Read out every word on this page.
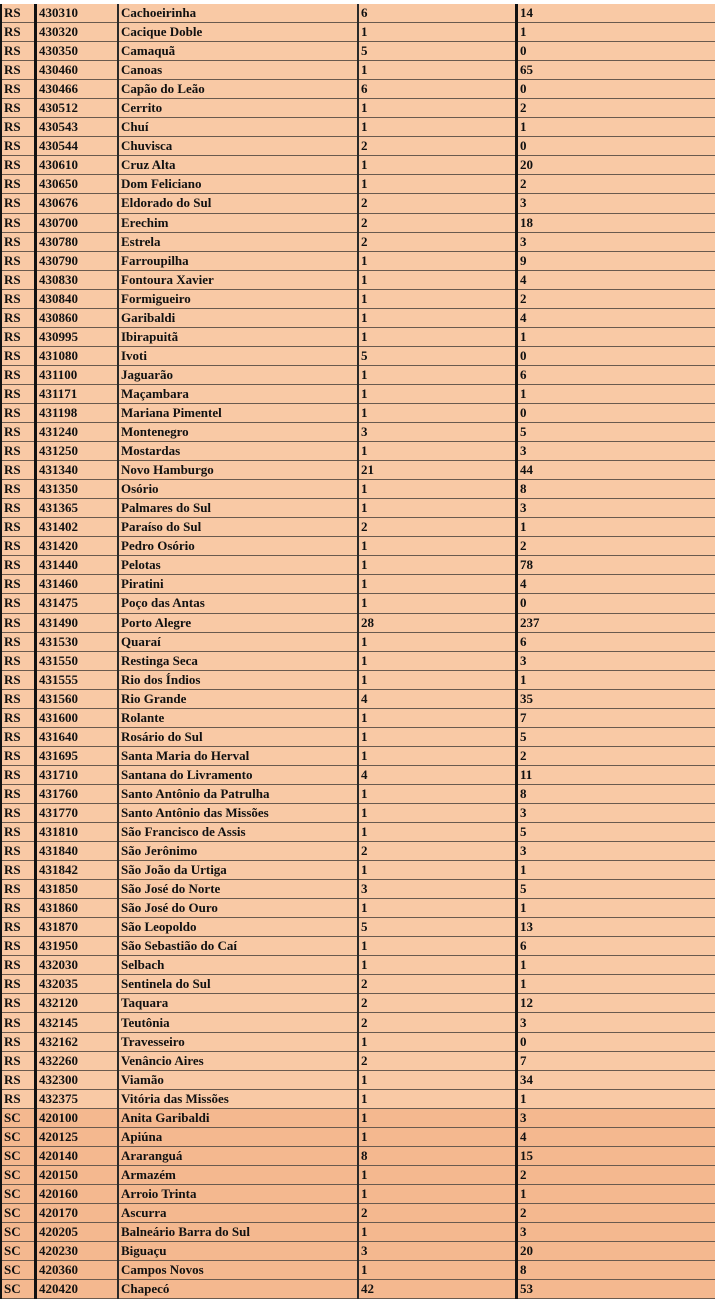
RS	430310	Cachoeirinha	6	14
RS	430320	Cacique Doble	1	1
RS	430350	Camaquã	5	0
RS	430460	Canoas	1	65
RS	430466	Capão do Leão	6	0
RS	430512	Cerrito	1	2
RS	430543	Chuí	1	1
RS	430544	Chuvisca	2	0
RS	430610	Cruz Alta	1	20
RS	430650	Dom Feliciano	1	2
RS	430676	Eldorado do Sul	2	3
RS	430700	Erechim	2	18
RS	430780	Estrela	2	3
RS	430790	Farroupilha	1	9
RS	430830	Fontoura Xavier	1	4
RS	430840	Formigueiro	1	2
RS	430860	Garibaldi	1	4
RS	430995	Ibirapuitã	1	1
RS	431080	Ivoti	5	0
RS	431100	Jaguarão	1	6
RS	431171	Maçambara	1	1
RS	431198	Mariana Pimentel	1	0
RS	431240	Montenegro	3	5
RS	431250	Mostardas	1	3
RS	431340	Novo Hamburgo	21	44
RS	431350	Osório	1	8
RS	431365	Palmares do Sul	1	3
RS	431402	Paraíso do Sul	2	1
RS	431420	Pedro Osório	1	2
RS	431440	Pelotas	1	78
RS	431460	Piratini	1	4
RS	431475	Poço das Antas	1	0
RS	431490	Porto Alegre	28	237
RS	431530	Quaraí	1	6
RS	431550	Restinga Seca	1	3
RS	431555	Rio dos Índios	1	1
RS	431560	Rio Grande	4	35
RS	431600	Rolante	1	7
RS	431640	Rosário do Sul	1	5
RS	431695	Santa Maria do Herval	1	2
RS	431710	Santana do Livramento	4	11
RS	431760	Santo Antônio da Patrulha	1	8
RS	431770	Santo Antônio das Missões	1	3
RS	431810	São Francisco de Assis	1	5
RS	431840	São Jerônimo	2	3
RS	431842	São João da Urtiga	1	1
RS	431850	São José do Norte	3	5
RS	431860	São José do Ouro	1	1
RS	431870	São Leopoldo	5	13
RS	431950	São Sebastião do Caí	1	6
RS	432030	Selbach	1	1
RS	432035	Sentinela do Sul	2	1
RS	432120	Taquara	2	12
RS	432145	Teutônia	2	3
RS	432162	Travesseiro	1	0
RS	432260	Venâncio Aires	2	7
RS	432300	Viamão	1	34
RS	432375	Vitória das Missões	1	1
SC	420100	Anita Garibaldi	1	3
SC	420125	Apiúna	1	4
SC	420140	Araranguá	8	15
SC	420150	Armazém	1	2
SC	420160	Arroio Trinta	1	1
SC	420170	Ascurra	2	2
SC	420205	Balneário Barra do Sul	1	3
SC	420230	Biguaçu	3	20
SC	420360	Campos Novos	1	8
SC	420420	Chapecó	42	53
